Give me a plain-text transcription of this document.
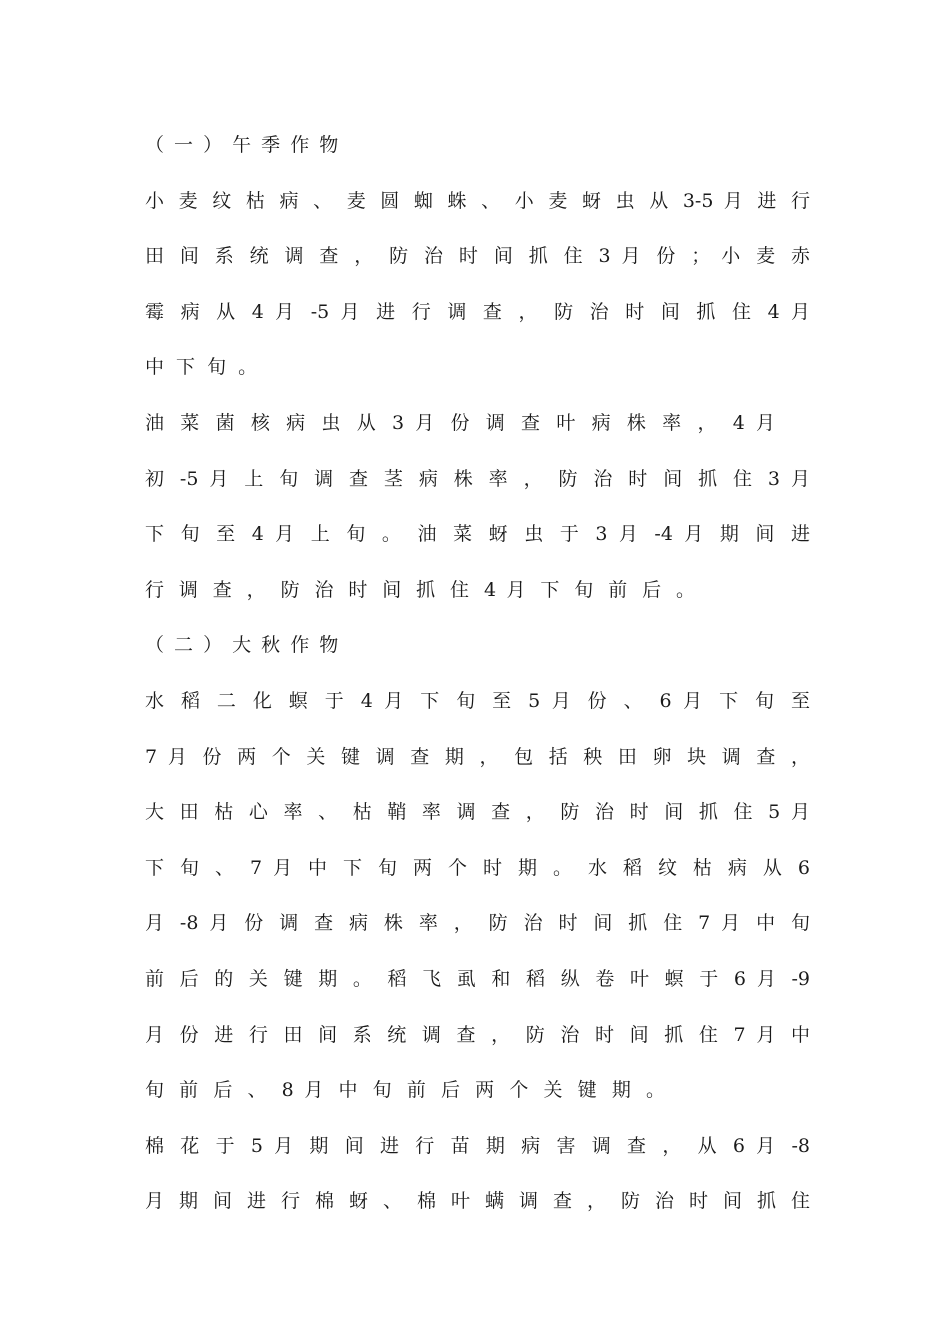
（ 一 ） 午 季 作 物
小 麦 纹 枯 病 、 麦 圆 蜘 蛛 、 小 麦 蚜 虫 从 3-5 月 进 行
田 间 系 统 调 查 ， 防 治 时 间 抓 住 3 月 份 ； 小 麦 赤
霉 病 从 4 月 -5 月 进 行 调 查 ， 防 治 时 间 抓 住 4 月
中 下 旬 。
油 菜 菌 核 病 虫 从 3 月 份 调 查 叶 病 株 率 ， 4 月
初 -5 月 上 旬 调 查 茎 病 株 率 ， 防 治 时 间 抓 住 3 月
下 旬 至 4 月 上 旬 。 油 菜 蚜 虫 于 3 月 -4 月 期 间 进
行 调 查 ， 防 治 时 间 抓 住 4 月 下 旬 前 后 。
（ 二 ） 大 秋 作 物
水 稻 二 化 螟 于 4 月 下 旬 至 5 月 份 、 6 月 下 旬 至
7 月 份 两 个 关 键 调 查 期 ， 包 括 秧 田 卵 块 调 查 ，
大 田 枯 心 率 、 枯 鞘 率 调 查 ， 防 治 时 间 抓 住 5 月
下 旬 、 7 月 中 下 旬 两 个 时 期 。 水 稻 纹 枯 病 从 6
月 -8 月 份 调 查 病 株 率 ， 防 治 时 间 抓 住 7 月 中 旬
前 后 的 关 键 期 。 稻 飞 虱 和 稻 纵 卷 叶 螟 于 6 月 -9
月 份 进 行 田 间 系 统 调 查 ， 防 治 时 间 抓 住 7 月 中
旬 前 后 、 8 月 中 旬 前 后 两 个 关 键 期 。
棉 花 于 5 月 期 间 进 行 苗 期 病 害 调 查 ， 从 6 月 -8
月 期 间 进 行 棉 蚜 、 棉 叶 螨 调 查 ， 防 治 时 间 抓 住
